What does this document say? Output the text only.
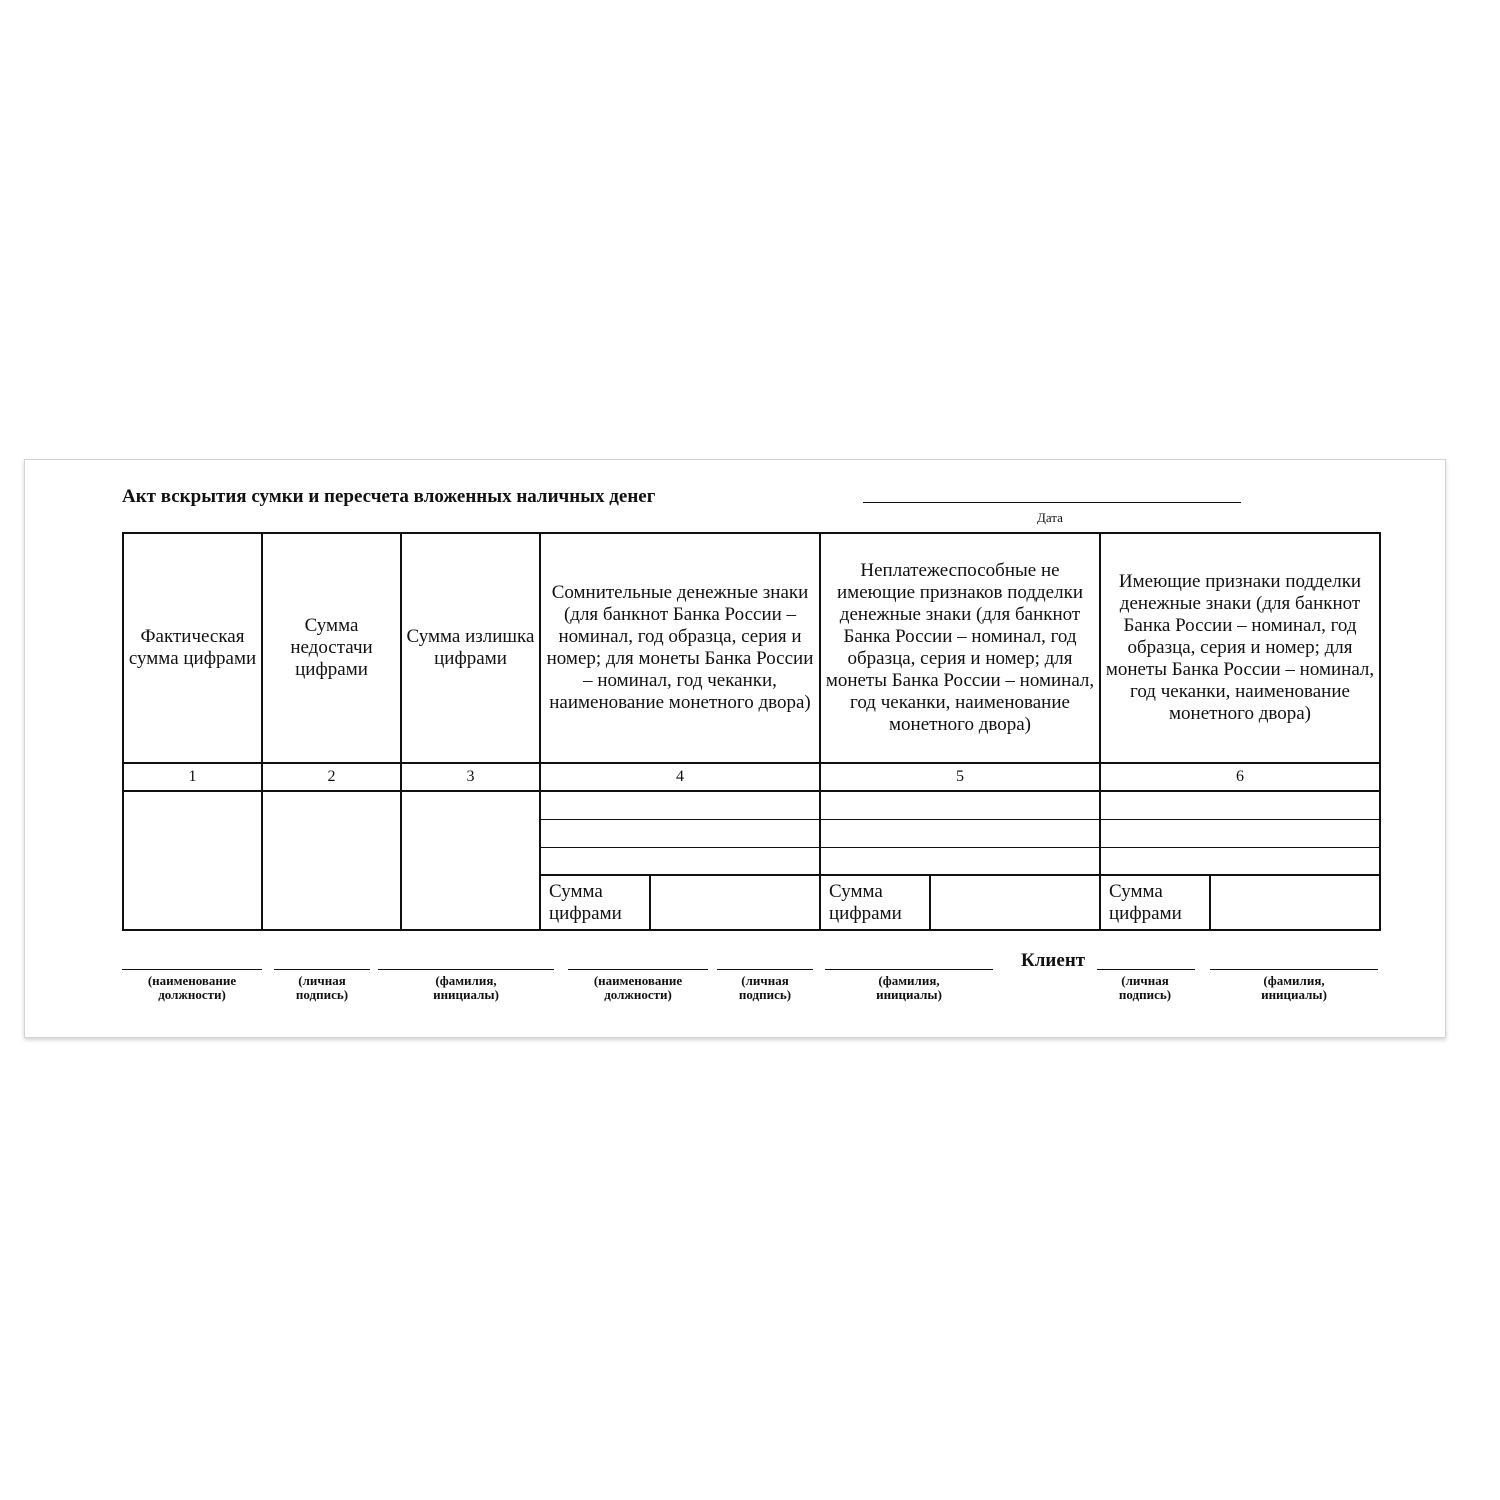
Акт вскрытия сумки и пересчета вложенных наличных денег
Дата
Фактическая сумма цифрами	Сумма недостачи цифрами	Сумма излишка цифрами	Сомнительные денежные знаки (для банкнот Банка России – номинал, год образца, серия и номер; для монеты Банка России – номинал, год чеканки, наименование монетного двора)	Неплатежеспособные не имеющие признаков подделки денежные знаки (для банкнот Банка России – номинал, год образца, серия и номер; для монеты Банка России – номинал, год чеканки, наименование монетного двора)	Имеющие признаки подделки денежные знаки (для банкнот Банка России – номинал, год образца, серия и номер; для монеты Банка России – номинал, год чеканки, наименование монетного двора)
1	2	3	4	5	6

Сумма цифрами	Сумма цифрами	Сумма цифрами
Клиент
(наименование должности)
(личная подпись)
(фамилия, инициалы)
(наименование должности)
(личная подпись)
(фамилия, инициалы)
(личная подпись)
(фамилия, инициалы)
